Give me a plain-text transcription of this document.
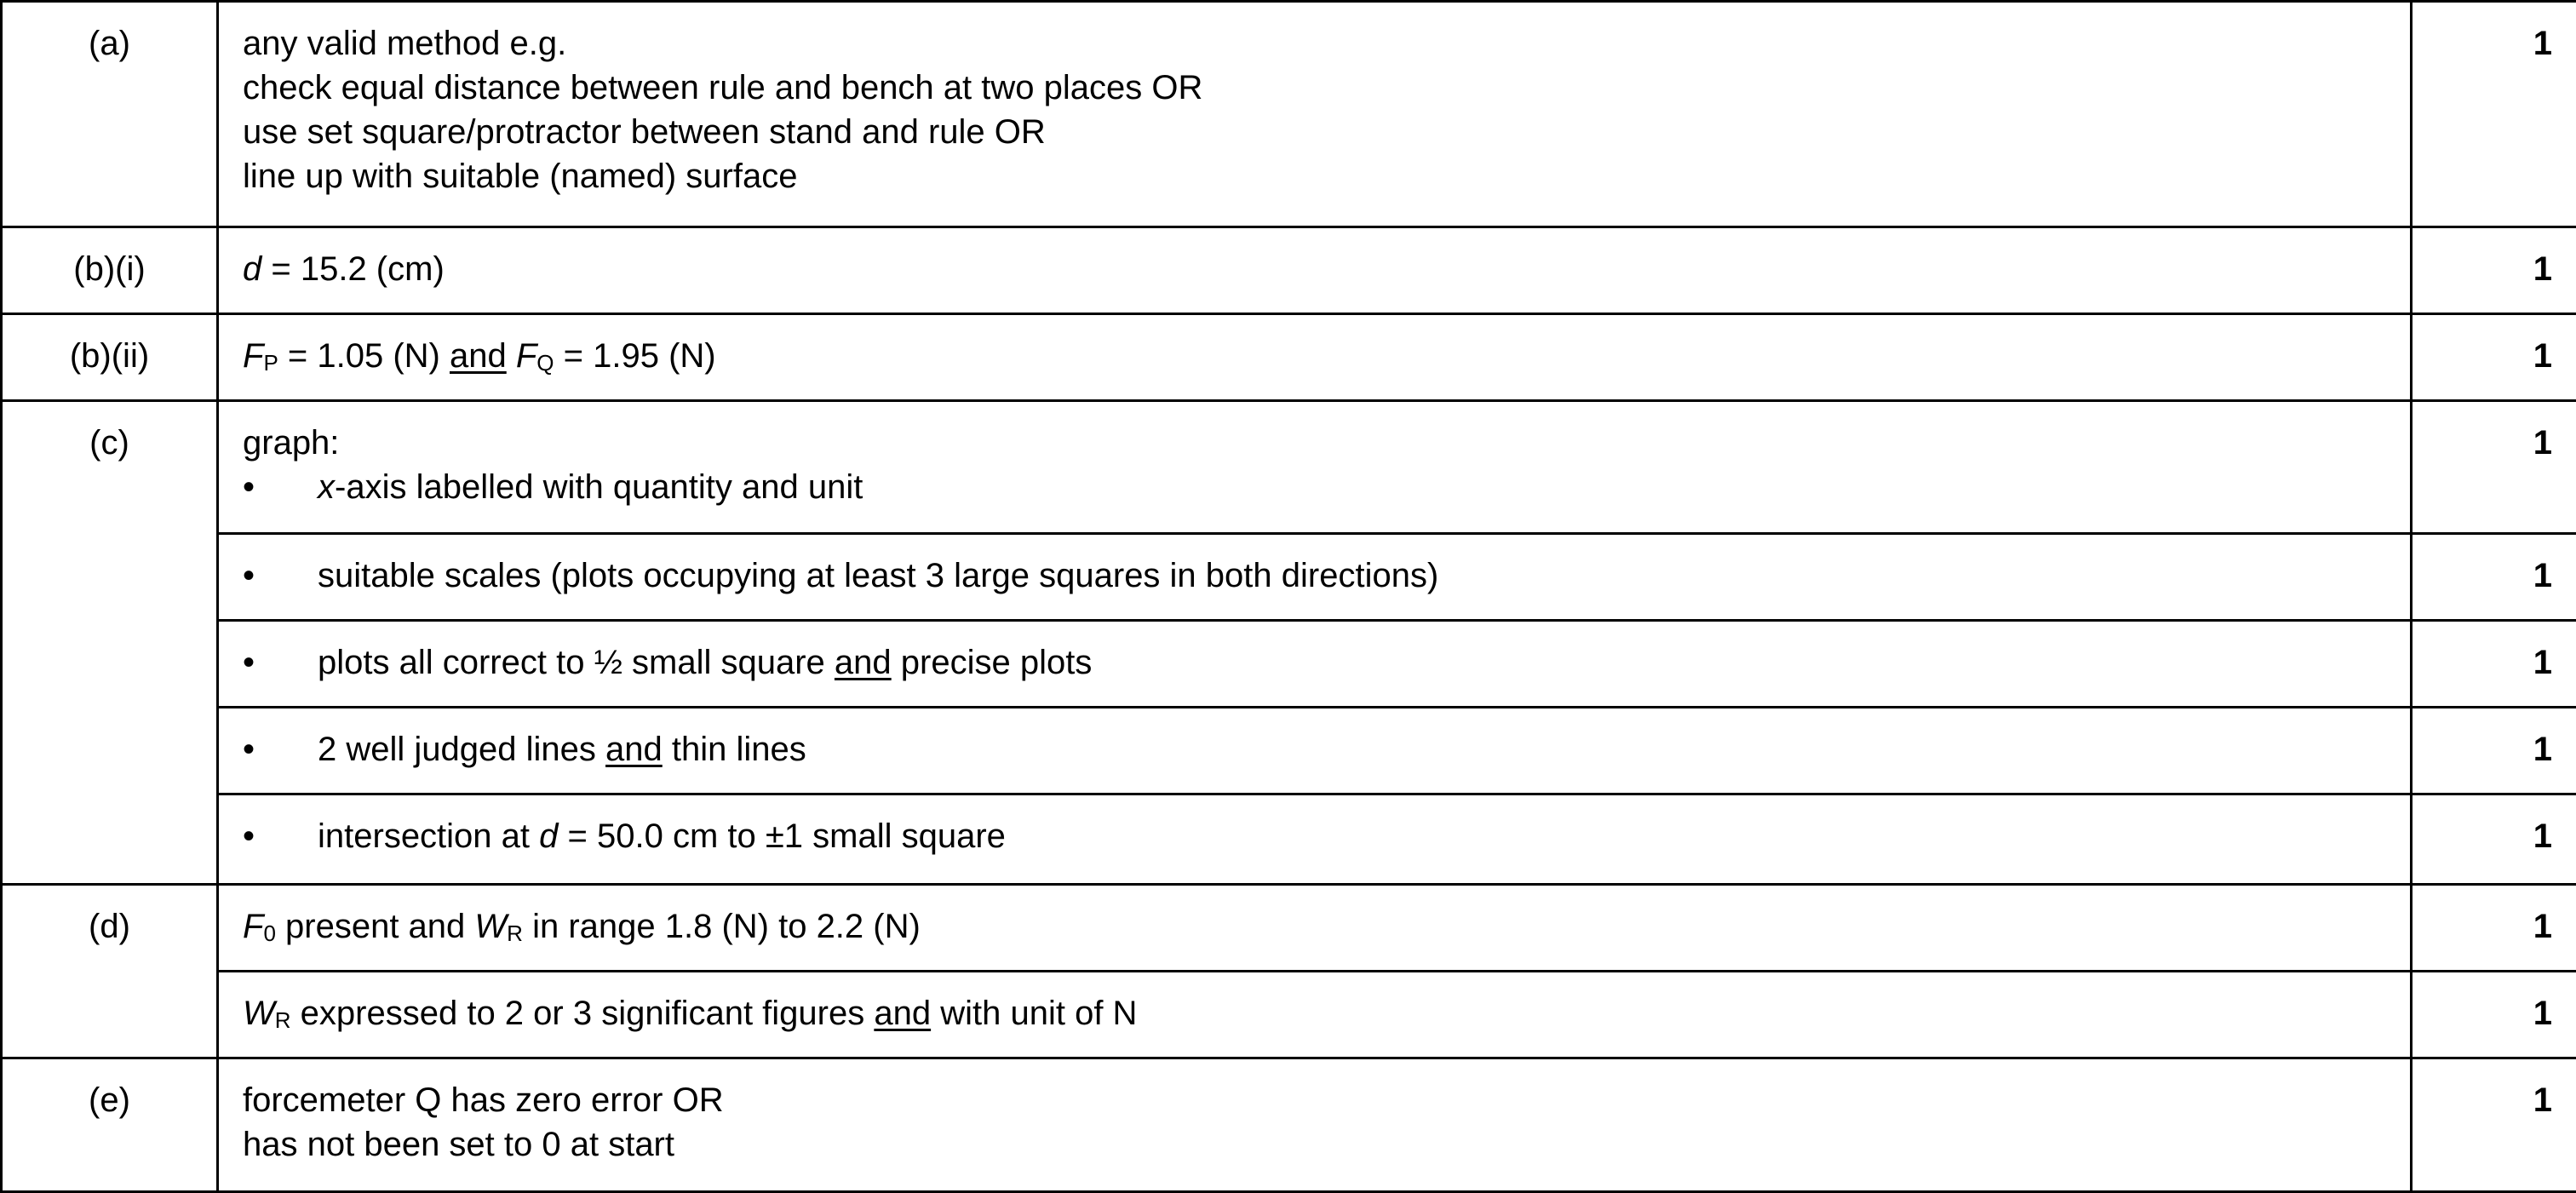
(a)	any valid method e.g.
check equal distance between rule and bench at two places OR
use set square/protractor between stand and rule OR
line up with suitable (named) surface	1
(b)(i)	d = 15.2 (cm)	1
(b)(ii)	$F_P = 1.05$ (N) and $F_Q = 1.95$ (N)	1
(c)	graph:
• x-axis labelled with quantity and unit	1

	• suitable scales (plots occupying at least 3 large squares in both directions)	1

	• plots all correct to ½ small square and precise plots	1

	• 2 well judged lines and thin lines	1

	• intersection at d = 50.0 cm to ±1 small square	1
(d)	$F_0$ present and $W_R$ in range 1.8 (N) to 2.2 (N)	1
	$W_R$ expressed to 2 or 3 significant figures and with unit of N	1
(e)	forcemeter Q has zero error OR
has not been set to 0 at start	1
